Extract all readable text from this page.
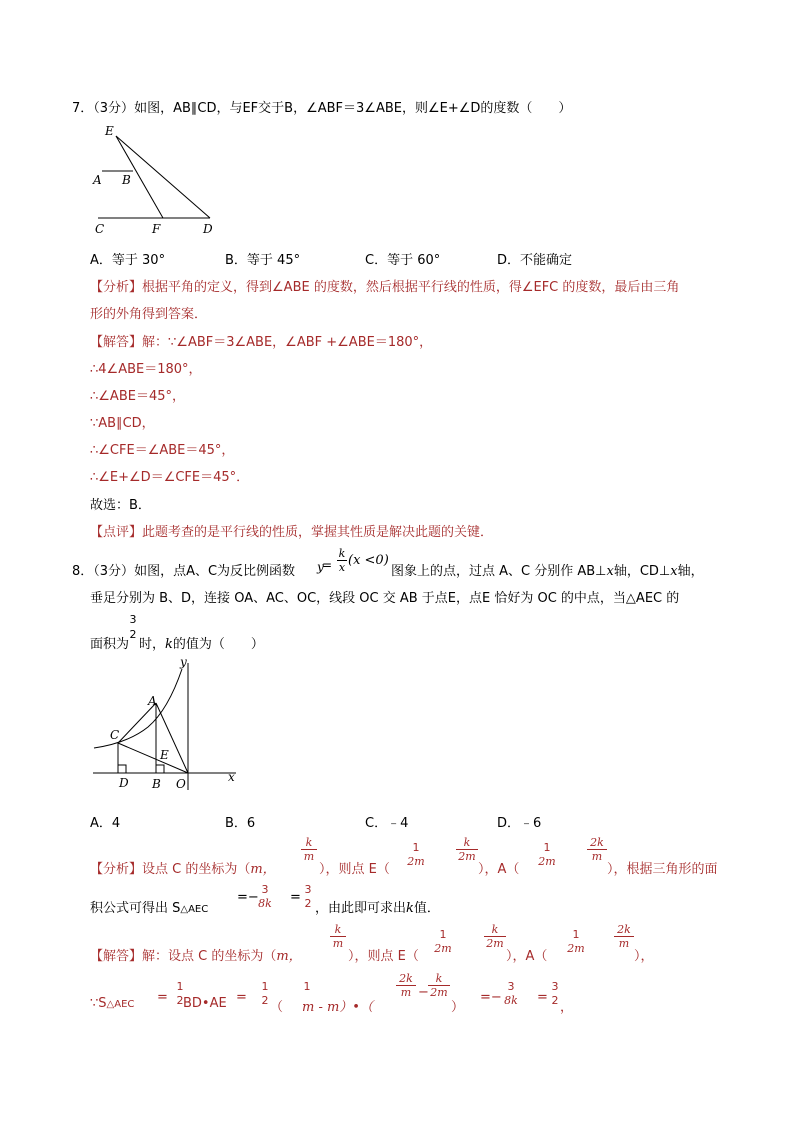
7．（3分）如图，AB∥CD，与EF交于B，∠ABF＝3∠ABE，则∠E+∠D的度数（　　）
E
A B
C	F	D
A．等于 30°	B．等于 45°	C．等于 60°	D．不能确定
【分析】根据平角的定义，得到∠ABE 的度数，然后根据平行线的性质，得∠EFC 的度数，最后由三角
形的外角得到答案．
【解答】解：∵∠ABF＝3∠ABE，∠ABF +∠ABE＝180°，
∴4∠ABE＝180°，
∴∠ABE＝45°，
∵AB∥CD，
∴∠CFE＝∠ABE＝45°，
∴∠E+∠D＝∠CFE＝45°．
故选：B．
【点评】此题考查的是平行线的性质，掌握其性质是解决此题的关键．
8．（3分）如图，点A、C为反比例函数 y
=
k
x (x <0)
图象上的点，过点 A、C 分别作 AB⊥x轴，CD⊥x轴，
垂足分别为 B、D，连接 OA、AC、OC，线段 OC 交 AB 于点E，点E 恰好为 OC 的中点，当△AEC 的
面积为
3
2
时，k的值为（　　）
y
A
C
E
D B O	x
A．4	B．6	C．﹣4	D．﹣6
【分析】设点 C 的坐标为（m，
k
m
），则点 E（
1
2m
k
2m
），A（
1
2m
2k
m
），根据三角形的面
积公式可得出 S△AEC
=−
3
8k =
3
2 ，由此即可求出k值．
【解答】解：设点 C 的坐标为（m，
k
m
），则点 E（
1
2m
k
2m
），A（
1
2m
2k
m
），
∵S△AEC =
1
2 BD•AE =
1
2 （
1
m - m）•（
2k
m −
k
2m
）
=−
3
8k =
3
2 ，
